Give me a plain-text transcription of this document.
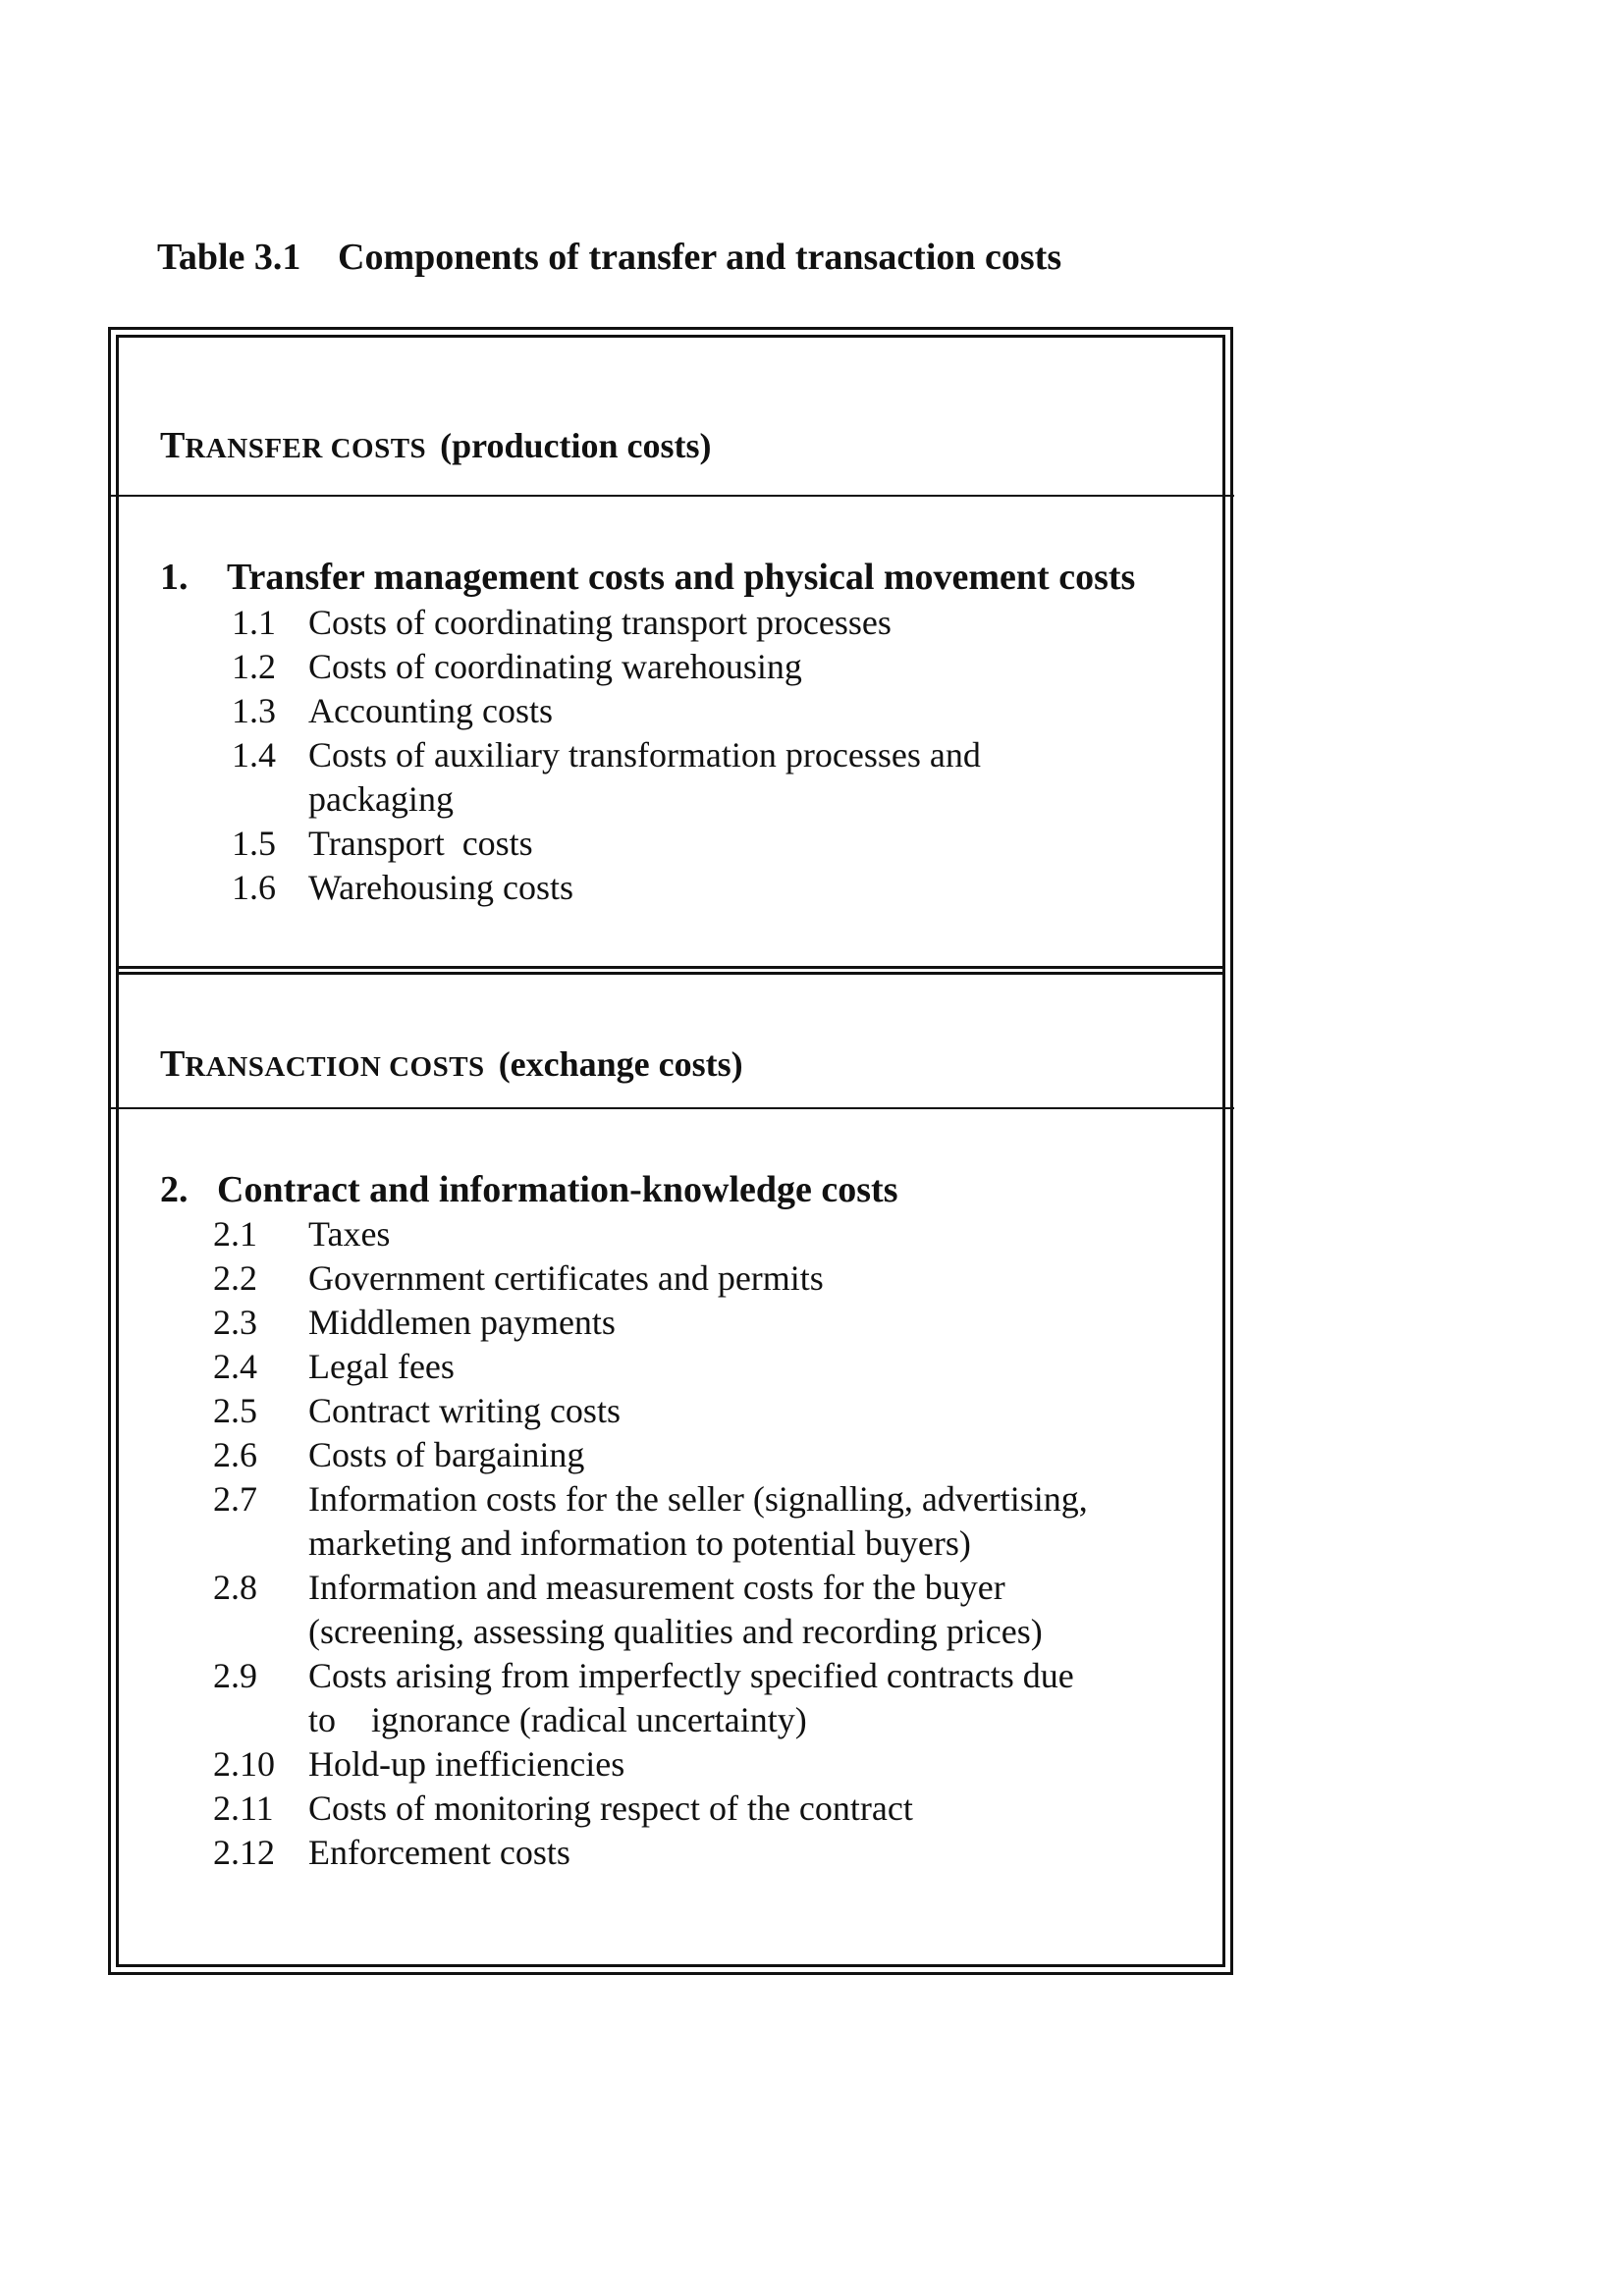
Table 3.1 Components of transfer and transaction costs
TRANSFER COSTS (production costs)
1. Transfer management costs and physical movement costs
1.1 Costs of coordinating transport processes
1.2 Costs of coordinating warehousing
1.3 Accounting costs
1.4 Costs of auxiliary transformation processes and
packaging
1.5 Transport  costs
1.6 Warehousing costs
TRANSACTION COSTS (exchange costs)
2. Contract and information-knowledge costs
2.1	Taxes
2.2	Government certificates and permits
2.3	Middlemen payments
2.4	Legal fees
2.5	Contract writing costs
2.6	Costs of bargaining
2.7	Information costs for the seller (signalling, advertising,
marketing and information to potential buyers)
2.8	Information and measurement costs for the buyer
(screening, assessing qualities and recording prices)
2.9	Costs arising from imperfectly specified contracts due
to    ignorance (radical uncertainty)
2.10 Hold-up inefficiencies
2.11 Costs of monitoring respect of the contract
2.12 Enforcement costs
